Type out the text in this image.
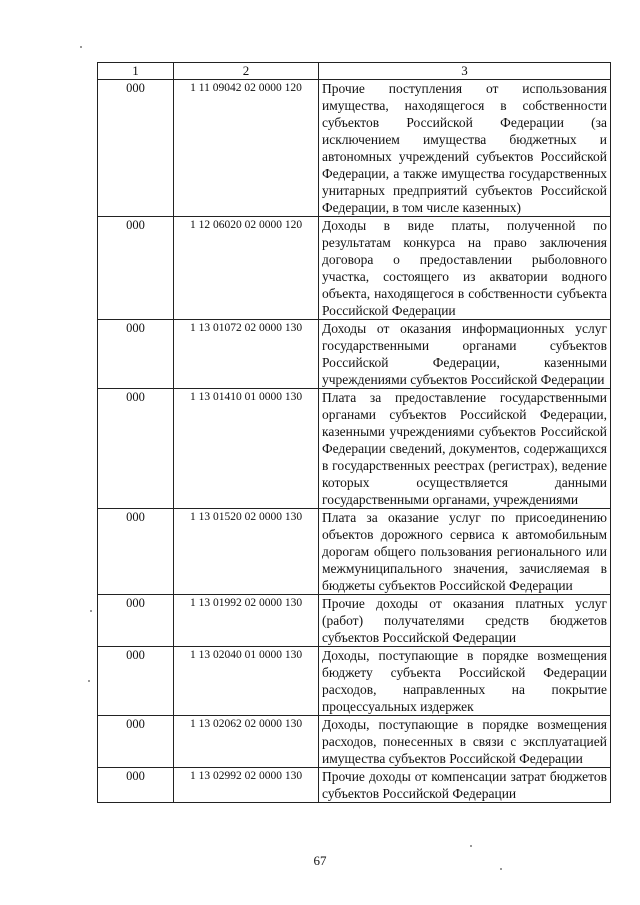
1	2	3
000	1 11 09042 02 0000 120	Прочие поступления от использования имущества, находящегося в собственности субъектов Российской Федерации (за исключением имущества бюджетных и автономных учреждений субъектов Российской Федерации, а также имущества государственных унитарных предприятий субъектов Российской Федерации, в том числе казенных)
000	1 12 06020 02 0000 120	Доходы в виде платы, полученной по результатам конкурса на право заключения договора о предоставлении рыболовного участка, состоящего из акватории водного объекта, находящегося в собственности субъекта Российской Федерации
000	1 13 01072 02 0000 130	Доходы от оказания информационных услуг государственными органами субъектов Российской Федерации, казенными учреждениями субъектов Российской Федерации
000	1 13 01410 01 0000 130	Плата за предоставление государственными органами субъектов Российской Федерации, казенными учреждениями субъектов Российской Федерации сведений, документов, содержащихся в государственных реестрах (регистрах), ведение которых осуществляется данными государственными органами, учреждениями
000	1 13 01520 02 0000 130	Плата за оказание услуг по присоединению объектов дорожного сервиса к автомобильным дорогам общего пользования регионального или межмуниципального значения, зачисляемая в бюджеты субъектов Российской Федерации
000	1 13 01992 02 0000 130	Прочие доходы от оказания платных услуг (работ) получателями средств бюджетов субъектов Российской Федерации
000	1 13 02040 01 0000 130	Доходы, поступающие в порядке возмещения бюджету субъекта Российской Федерации расходов, направленных на покрытие процессуальных издержек
000	1 13 02062 02 0000 130	Доходы, поступающие в порядке возмещения расходов, понесенных в связи с эксплуатацией имущества субъектов Российской Федерации
000	1 13 02992 02 0000 130	Прочие доходы от компенсации затрат бюджетов субъектов Российской Федерации
67
